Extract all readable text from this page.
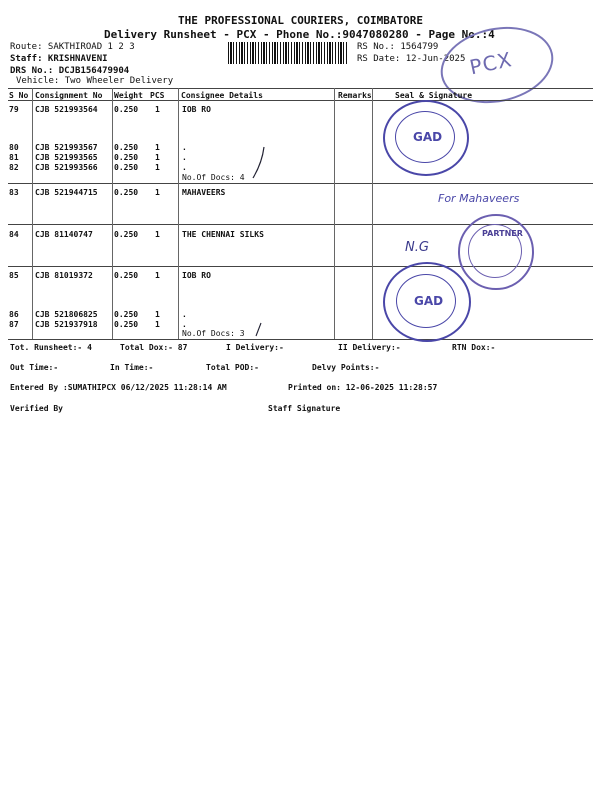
THE PROFESSIONAL COURIERS, COIMBATORE
Delivery Runsheet - PCX - Phone No.:9047080280 - Page No.:4
Route: SAKTHIROAD 1 2 3
Staff: KRISHNAVENI
DRS No.: DCJB156479904
Vehicle: Two Wheeler Delivery
RS No.: 1564799
RS Date: 12-Jun-2025 PCX
S No Consignment No Weight PCS Consignee Details	Remarks	Seal & Signature
79 CJB 521993564 0.250 1	IOB RO
80 CJB 521993567 0.250 1	.
81 CJB 521993565 0.250 1	.
82 CJB 521993566 0.250 1	.
No.Of Docs: 4
83 CJB 521944715 0.250 1	MAHAVEERS
84 CJB 81140747	0.250 1	THE CHENNAI SILKS
85 CJB 81019372	0.250 1	IOB RO
86 CJB 521806825 0.250 1	.
87 CJB 521937918 0.250 1	.
No.Of Docs: 3
GAD
GAD
For Mahaveers
N.G
PARTNER
Tot. Runsheet:- 4	Total Dox:- 87	I Delivery:-	II Delivery:-	RTN Dox:-
Out Time:-	In Time:-	Total POD:-	Delvy Points:-
Entered By :SUMATHIPCX 06/12/2025 11:28:14 AM	Printed on: 12-06-2025 11:28:57
Verified By	Staff Signature
